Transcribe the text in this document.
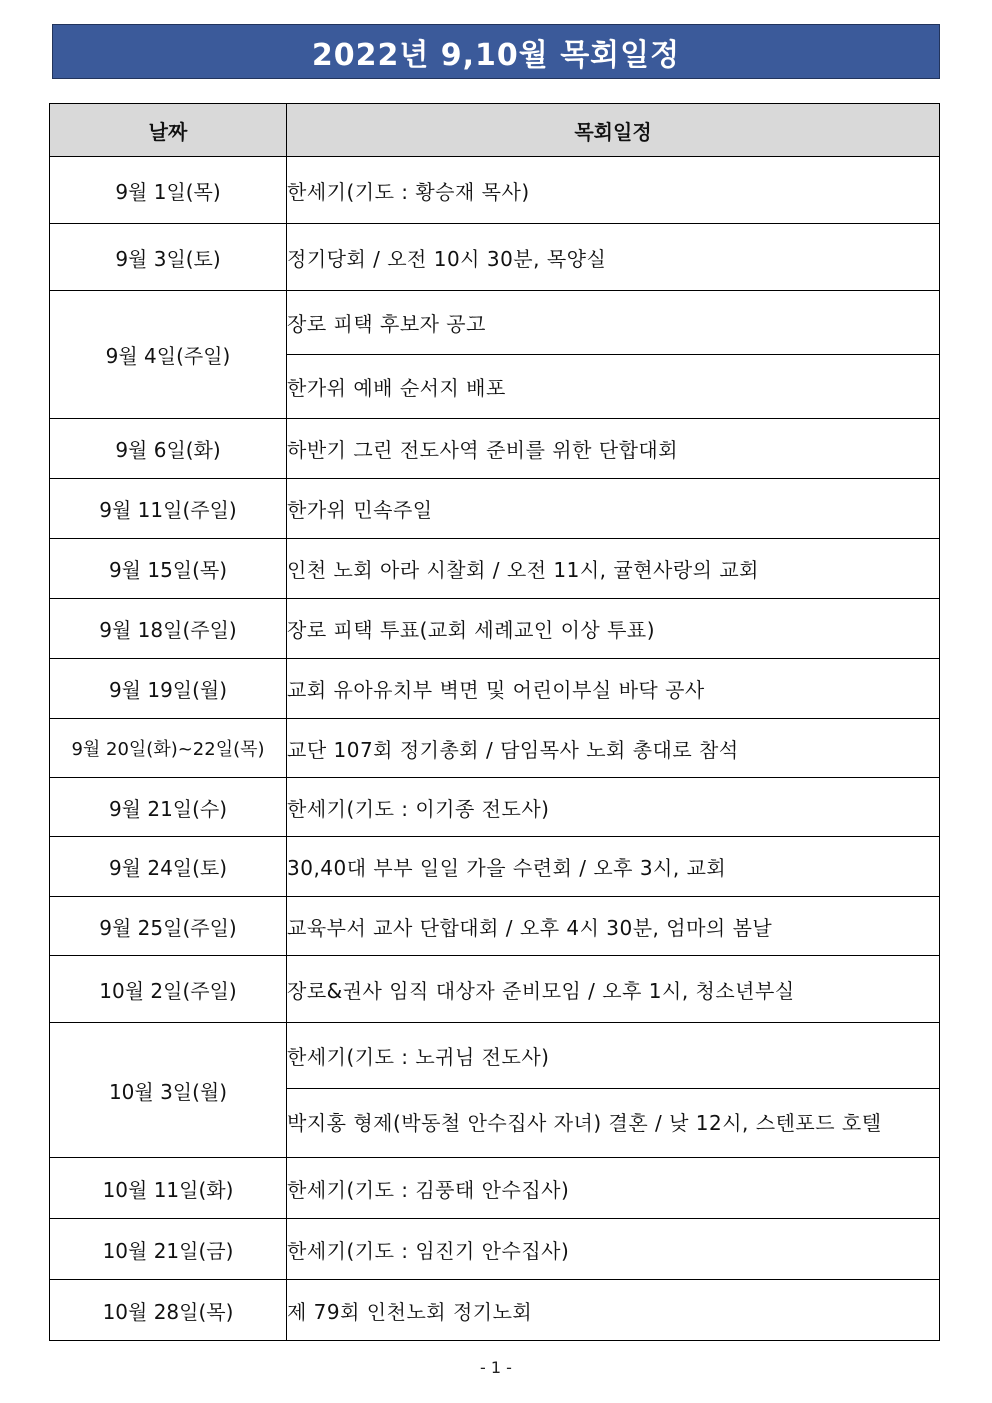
2022년 9,10월 목회일정
날짜	목회일정
9월 1일(목)	한세기(기도 : 황승재 목사)
9월 3일(토)	정기당회 / 오전 10시 30분, 목양실
9월 4일(주일)	장로 피택 후보자 공고
	한가위 예배 순서지 배포
9월 6일(화)	하반기 그린 전도사역 준비를 위한 단합대회
9월 11일(주일)	한가위 민속주일
9월 15일(목)	인천 노회 아라 시찰회 / 오전 11시, 귤현사랑의 교회
9월 18일(주일)	장로 피택 투표(교회 세례교인 이상 투표)
9월 19일(월)	교회 유아유치부 벽면 및 어린이부실 바닥 공사
9월 20일(화)~22일(목)	교단 107회 정기총회 / 담임목사 노회 총대로 참석
9월 21일(수)	한세기(기도 : 이기종 전도사)
9월 24일(토)	30,40대 부부 일일 가을 수련회 / 오후 3시, 교회
9월 25일(주일)	교육부서 교사 단합대회 / 오후 4시 30분, 엄마의 봄날
10월 2일(주일)	장로&권사 임직 대상자 준비모임 / 오후 1시, 청소년부실
10월 3일(월)	한세기(기도 : 노귀님 전도사)
	박지홍 형제(박동철 안수집사 자녀) 결혼 / 낮 12시, 스텐포드 호텔
10월 11일(화)	한세기(기도 : 김풍태 안수집사)
10월 21일(금)	한세기(기도 : 임진기 안수집사)
10월 28일(목)	제 79회 인천노회 정기노회
- 1 -
